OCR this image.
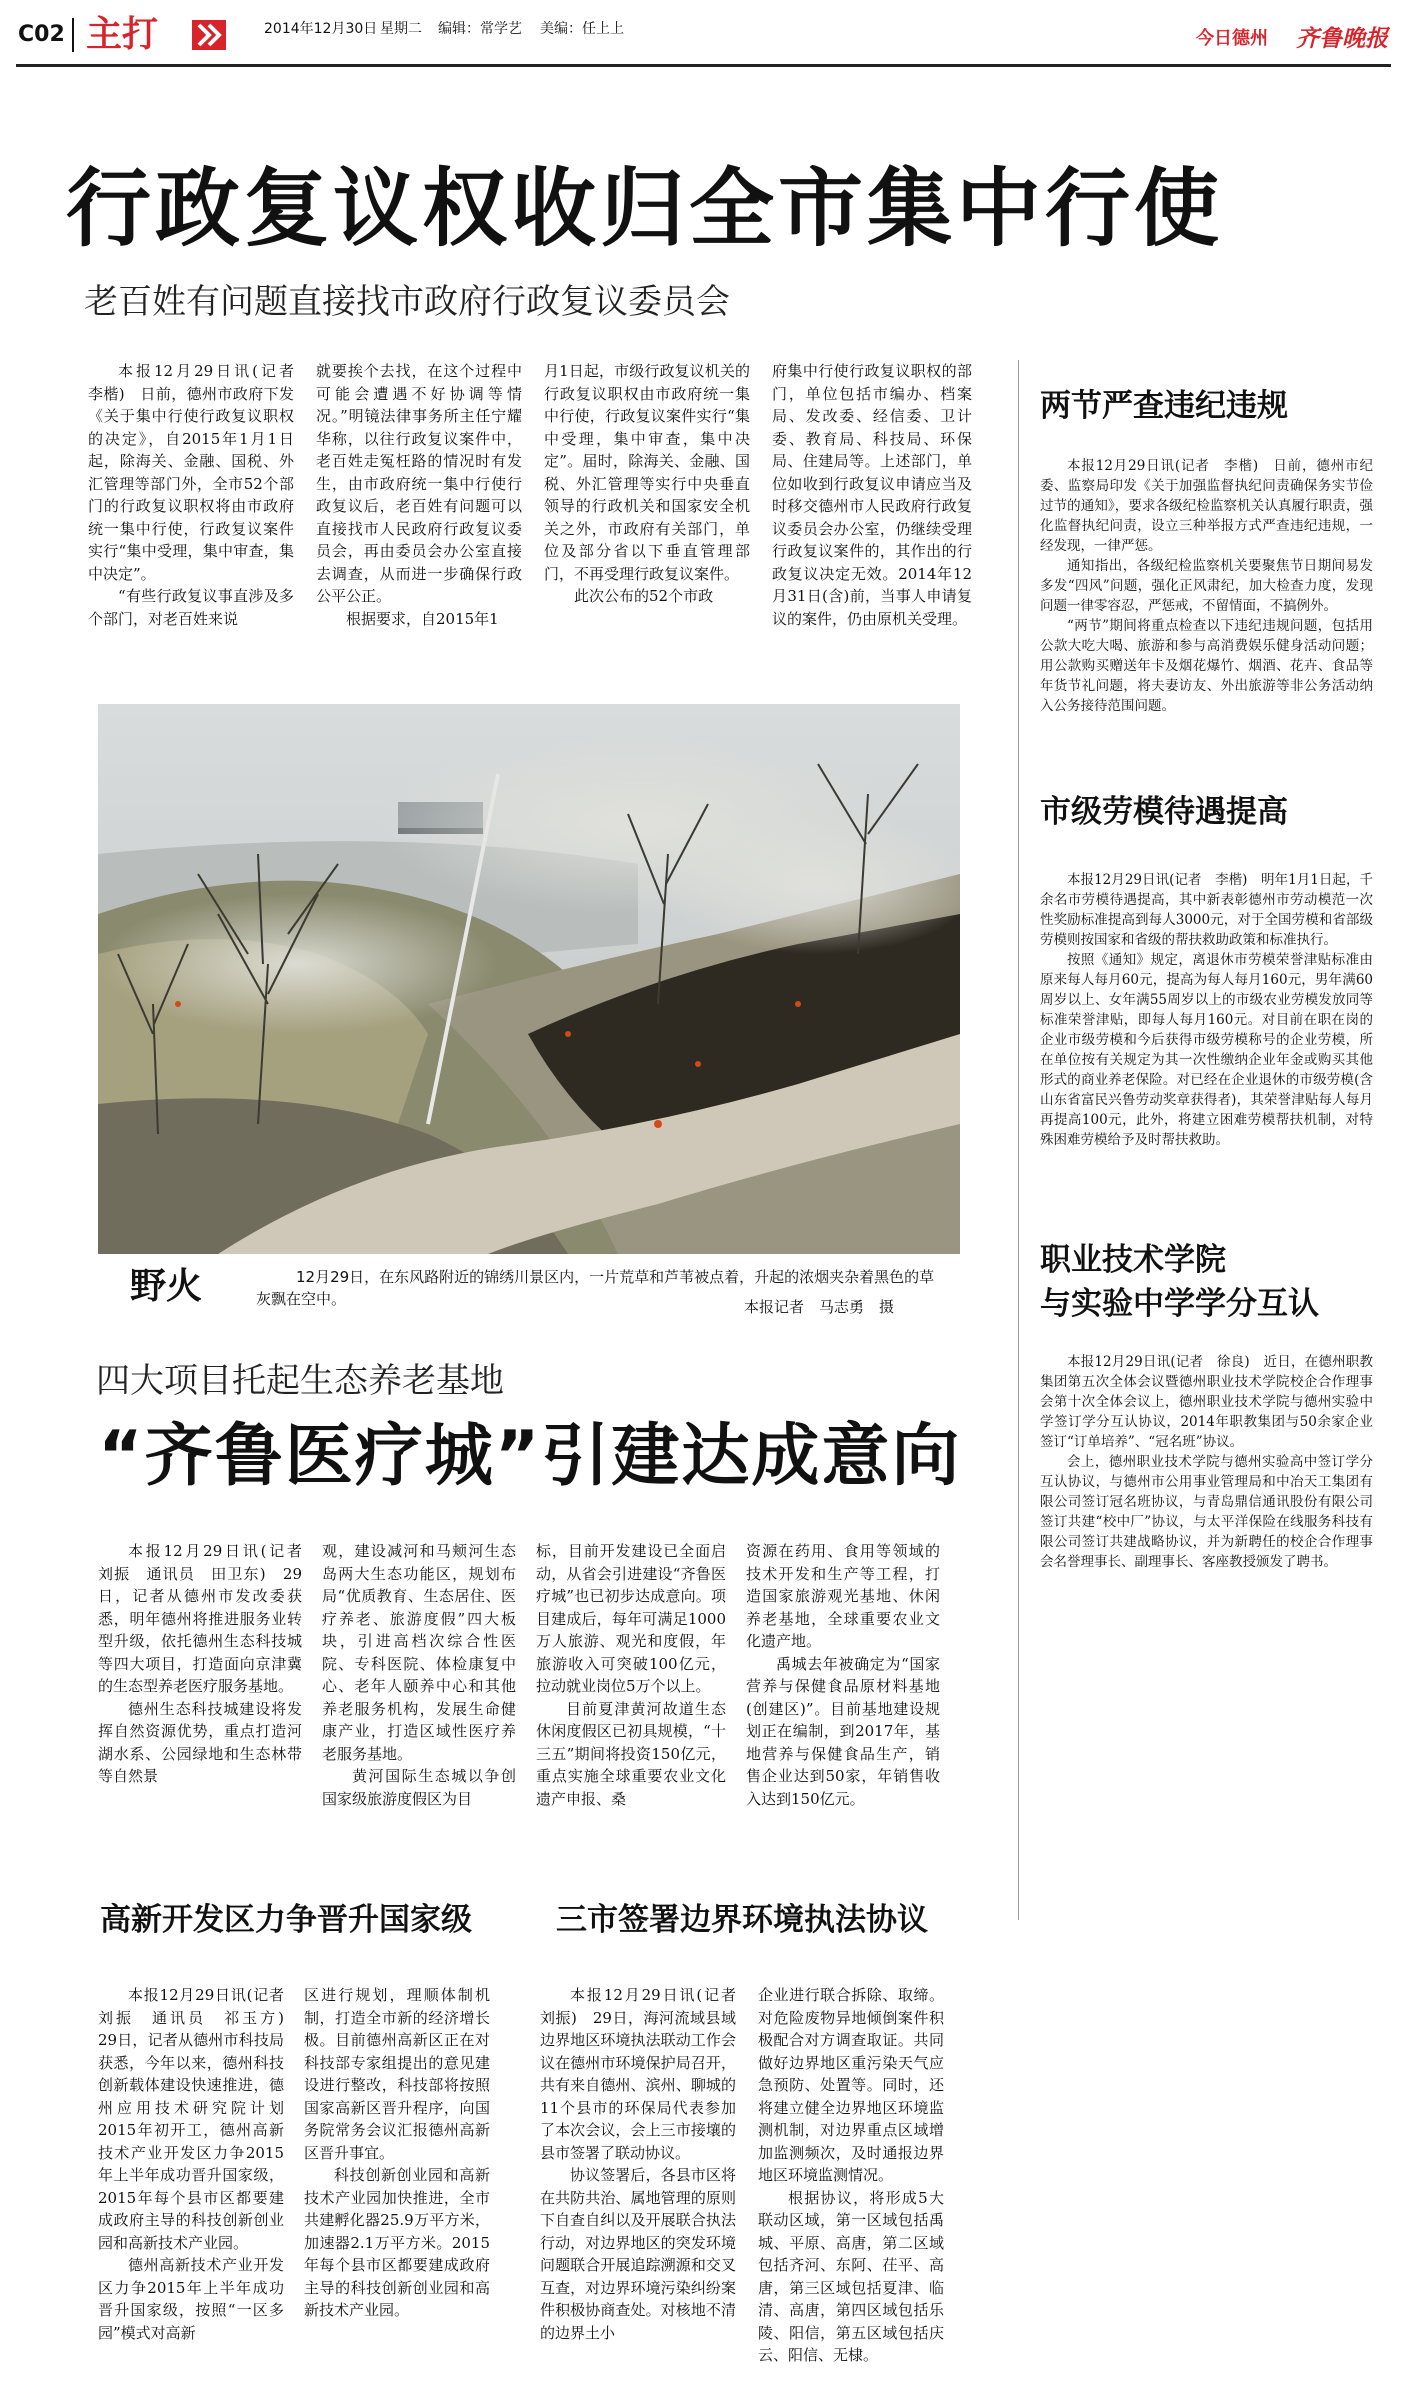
C02 主打	2014年12月30日 星期二 编辑：常学艺 美编：任上上	今日德州 齐鲁晚报
行政复议权收归全市集中行使
老百姓有问题直接找市政府行政复议委员会

本报12月29日讯(记者　李楷)　日前，德州市政府下发《关于集中行使行政复议职权的决定》，自2015年1月1日起，除海关、金融、国税、外汇管理等部门外，全市52个部门的行政复议职权将由市政府统一集中行使，行政复议案件实行“集中受理，集中审查，集中决定”。

“有些行政复议事直涉及多个部门，对老百姓来说

就要挨个去找，在这个过程中可能会遭遇不好协调等情况。”明镜法律事务所主任宁耀华称，以往行政复议案件中，老百姓走冤枉路的情况时有发生，由市政府统一集中行使行政复议后，老百姓有问题可以直接找市人民政府行政复议委员会，再由委员会办公室直接去调查，从而进一步确保行政公平公正。

根据要求，自2015年1

月1日起，市级行政复议机关的行政复议职权由市政府统一集中行使，行政复议案件实行“集中受理，集中审查，集中决定”。届时，除海关、金融、国税、外汇管理等实行中央垂直领导的行政机关和国家安全机关之外，市政府有关部门，单位及部分省以下垂直管理部门，不再受理行政复议案件。

此次公布的52个市政

府集中行使行政复议职权的部门，单位包括市编办、档案局、发改委、经信委、卫计委、教育局、科技局、环保局、住建局等。上述部门，单位如收到行政复议申请应当及时移交德州市人民政府行政复议委员会办公室，仍继续受理行政复议案件的，其作出的行政复议决定无效。2014年12月31日(含)前，当事人申请复议的案件，仍由原机关受理。

野火	12月29日，在东风路附近的锦绣川景区内，一片荒草和芦苇被点着，升起的浓烟夹杂着黑色的草灰飘在空中。	本报记者　马志勇　摄
四大项目托起生态养老基地
“齐鲁医疗城”引建达成意向

本报12月29日讯(记者　刘振　通讯员　田卫东)　29日，记者从德州市发改委获悉，明年德州将推进服务业转型升级，依托德州生态科技城等四大项目，打造面向京津冀的生态型养老医疗服务基地。

德州生态科技城建设将发挥自然资源优势，重点打造河湖水系、公园绿地和生态林带等自然景

观，建设减河和马颊河生态岛两大生态功能区，规划布局“优质教育、生态居住、医疗养老、旅游度假”四大板块，引进高档次综合性医院、专科医院、体检康复中心、老年人颐养中心和其他养老服务机构，发展生命健康产业，打造区域性医疗养老服务基地。

黄河国际生态城以争创国家级旅游度假区为目

标，目前开发建设已全面启动，从省会引进建设“齐鲁医疗城”也已初步达成意向。项目建成后，每年可满足1000万人旅游、观光和度假，年旅游收入可突破100亿元，拉动就业岗位5万个以上。

目前夏津黄河故道生态休闲度假区已初具规模，“十三五”期间将投资150亿元，重点实施全球重要农业文化遗产申报、桑

资源在药用、食用等领域的技术开发和生产等工程，打造国家旅游观光基地、休闲养老基地，全球重要农业文化遗产地。

禹城去年被确定为“国家营养与保健食品原材料基地(创建区)”。目前基地建设规划正在编制，到2017年，基地营养与保健食品生产，销售企业达到50家，年销售收入达到150亿元。

高新开发区力争晋升国家级

本报12月29日讯(记者　刘振　通讯员　祁玉方)　29日，记者从德州市科技局获悉，今年以来，德州科技创新载体建设快速推进，德州应用技术研究院计划2015年初开工，德州高新技术产业开发区力争2015年上半年成功晋升国家级，2015年每个县市区都要建成政府主导的科技创新创业园和高新技术产业园。

德州高新技术产业开发区力争2015年上半年成功晋升国家级，按照“一区多园”模式对高新

区进行规划，理顺体制机制，打造全市新的经济增长极。目前德州高新区正在对科技部专家组提出的意见建设进行整改，科技部将按照国家高新区晋升程序，向国务院常务会议汇报德州高新区晋升事宜。

科技创新创业园和高新技术产业园加快推进，全市共建孵化器25.9万平方米，加速器2.1万平方米。2015年每个县市区都要建成政府主导的科技创新创业园和高新技术产业园。

三市签署边界环境执法协议

本报12月29日讯(记者　刘振)　29日，海河流域县域边界地区环境执法联动工作会议在德州市环境保护局召开，共有来自德州、滨州、聊城的11个县市的环保局代表参加了本次会议，会上三市接壤的县市签署了联动协议。

协议签署后，各县市区将在共防共治、属地管理的原则下自查自纠以及开展联合执法行动，对边界地区的突发环境问题联合开展追踪溯源和交叉互查，对边界环境污染纠纷案件积极协商查处。对核地不清的边界土小

企业进行联合拆除、取缔。对危险废物异地倾倒案件积极配合对方调查取证。共同做好边界地区重污染天气应急预防、处置等。同时，还将建立健全边界地区环境监测机制，对边界重点区域增加监测频次，及时通报边界地区环境监测情况。

根据协议，将形成5大联动区域，第一区域包括禹城、平原、高唐，第二区域包括齐河、东阿、茌平、高唐，第三区域包括夏津、临清、高唐，第四区域包括乐陵、阳信，第五区域包括庆云、阳信、无棣。

两节严查违纪违规

本报12月29日讯(记者　李楷)　日前，德州市纪委、监察局印发《关于加强监督执纪问责确保务实节俭过节的通知》，要求各级纪检监察机关认真履行职责，强化监督执纪问责，设立三种举报方式严查违纪违规，一经发现，一律严惩。

通知指出，各级纪检监察机关要聚焦节日期间易发多发“四风”问题，强化正风肃纪，加大检查力度，发现问题一律零容忍，严惩戒，不留情面，不搞例外。

“两节”期间将重点检查以下违纪违规问题，包括用公款大吃大喝、旅游和参与高消费娱乐健身活动问题；用公款购买赠送年卡及烟花爆竹、烟酒、花卉、食品等年货节礼问题，将夫妻访友、外出旅游等非公务活动纳入公务接待范围问题。

市级劳模待遇提高

本报12月29日讯(记者　李楷)　明年1月1日起，千余名市劳模待遇提高，其中新表彰德州市劳动模范一次性奖励标准提高到每人3000元，对于全国劳模和省部级劳模则按国家和省级的帮扶救助政策和标准执行。

按照《通知》规定，离退休市劳模荣誉津贴标准由原来每人每月60元，提高为每人每月160元，男年满60周岁以上、女年满55周岁以上的市级农业劳模发放同等标准荣誉津贴，即每人每月160元。对目前在职在岗的企业市级劳模和今后获得市级劳模称号的企业劳模，所在单位按有关规定为其一次性缴纳企业年金或购买其他形式的商业养老保险。对已经在企业退休的市级劳模(含山东省富民兴鲁劳动奖章获得者)，其荣誉津贴每人每月再提高100元，此外，将建立困难劳模帮扶机制，对特殊困难劳模给予及时帮扶救助。

职业技术学院
与实验中学学分互认

本报12月29日讯(记者　徐良)　近日，在德州职教集团第五次全体会议暨德州职业技术学院校企合作理事会第十次全体会议上，德州职业技术学院与德州实验中学签订学分互认协议，2014年职教集团与50余家企业签订“订单培养”、“冠名班”协议。

会上，德州职业技术学院与德州实验高中签订学分互认协议，与德州市公用事业管理局和中冶天工集团有限公司签订冠名班协议，与青岛鼎信通讯股份有限公司签订共建“校中厂”协议，与太平洋保险在线服务科技有限公司签订共建战略协议，并为新聘任的校企合作理事会名誉理事长、副理事长、客座教授颁发了聘书。
